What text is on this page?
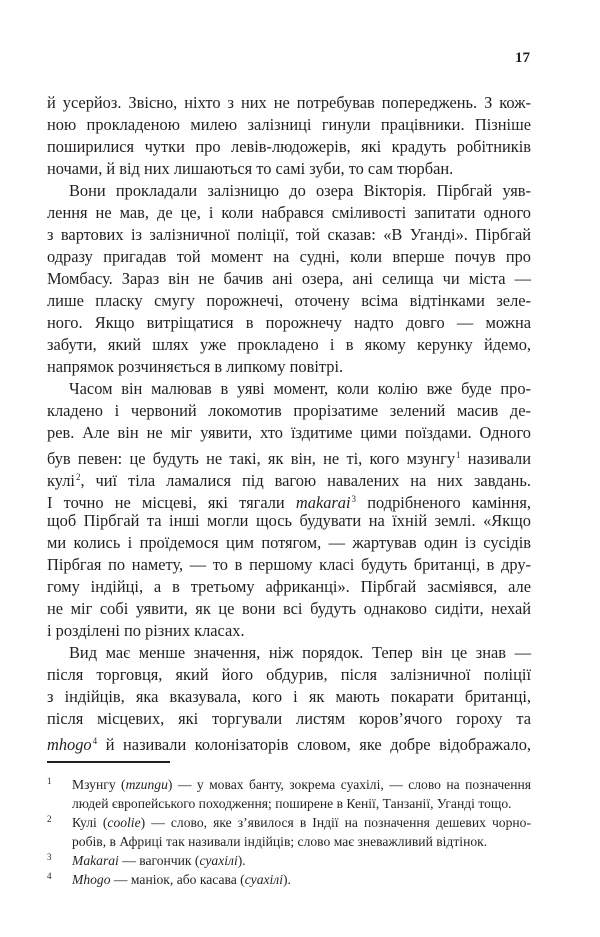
17
й усерйоз. Звісно, ніхто з них не потребував попереджень. З кож-
ною прокладеною милею залізниці гинули працівники. Пізніше
поширилися чутки про левів-людожерів, які крадуть робітників
ночами, й від них лишаються то самі зуби, то сам тюрбан.
Вони прокладали залізницю до озера Вікторія. Пірбгай уяв-
лення не мав, де це, і коли набрався сміливості запитати одного
з вартових із залізничної поліції, той сказав: «В Уганді». Пірбгай
одразу пригадав той момент на судні, коли вперше почув про
Момбасу. Зараз він не бачив ані озера, ані селища чи міста —
лише пласку смугу порожнечі, оточену всіма відтінками зеле-
ного. Якщо витріщатися в порожнечу надто довго — можна
забути, який шлях уже прокладено і в якому керунку йдемо,
напрямок розчиняється в липкому повітрі.
Часом він малював в уяві момент, коли колію вже буде про-
кладено і червоний локомотив прорізатиме зелений масив де-
рев. Але він не міг уявити, хто їздитиме цими поїздами. Одного
був певен: це будуть не такі, як він, не ті, кого мзунгу$^1$ називали
кулі$^2$, чиї тіла ламалися під вагою навалених на них завдань.
І точно не місцеві, які тягали makarai$^3$ подрібненого каміння,
щоб Пірбгай та інші могли щось будувати на їхній землі. «Якщо
ми колись і проїдемося цим потягом, — жартував один із сусідів
Пірбгая по намету, — то в першому класі будуть британці, в дру-
гому індійці, а в третьому африканці». Пірбгай засміявся, але
не міг собі уявити, як це вони всі будуть однаково сидіти, нехай
і розділені по різних класах.
Вид має менше значення, ніж порядок. Тепер він це знав —
після торговця, який його обдурив, після залізничної поліції
з індійців, яка вказувала, кого і як мають покарати британці,
після місцевих, які торгували листям коров’ячого гороху та
mhogo$^4$ й називали колонізаторів словом, яке добре відображало,
1 Мзунгу (mzungu) — у мовах банту, зокрема суахілі, — слово на позначення
людей європейського походження; поширене в Кенії, Танзанії, Уганді тощо.
2 Кулі (coolie) — слово, яке з’явилося в Індії на позначення дешевих чорно-
робів, в Африці так називали індійців; слово має зневажливий відтінок.
3 Makarai — вагончик (суахілі).
4 Mhogo — маніок, або касава (суахілі).
